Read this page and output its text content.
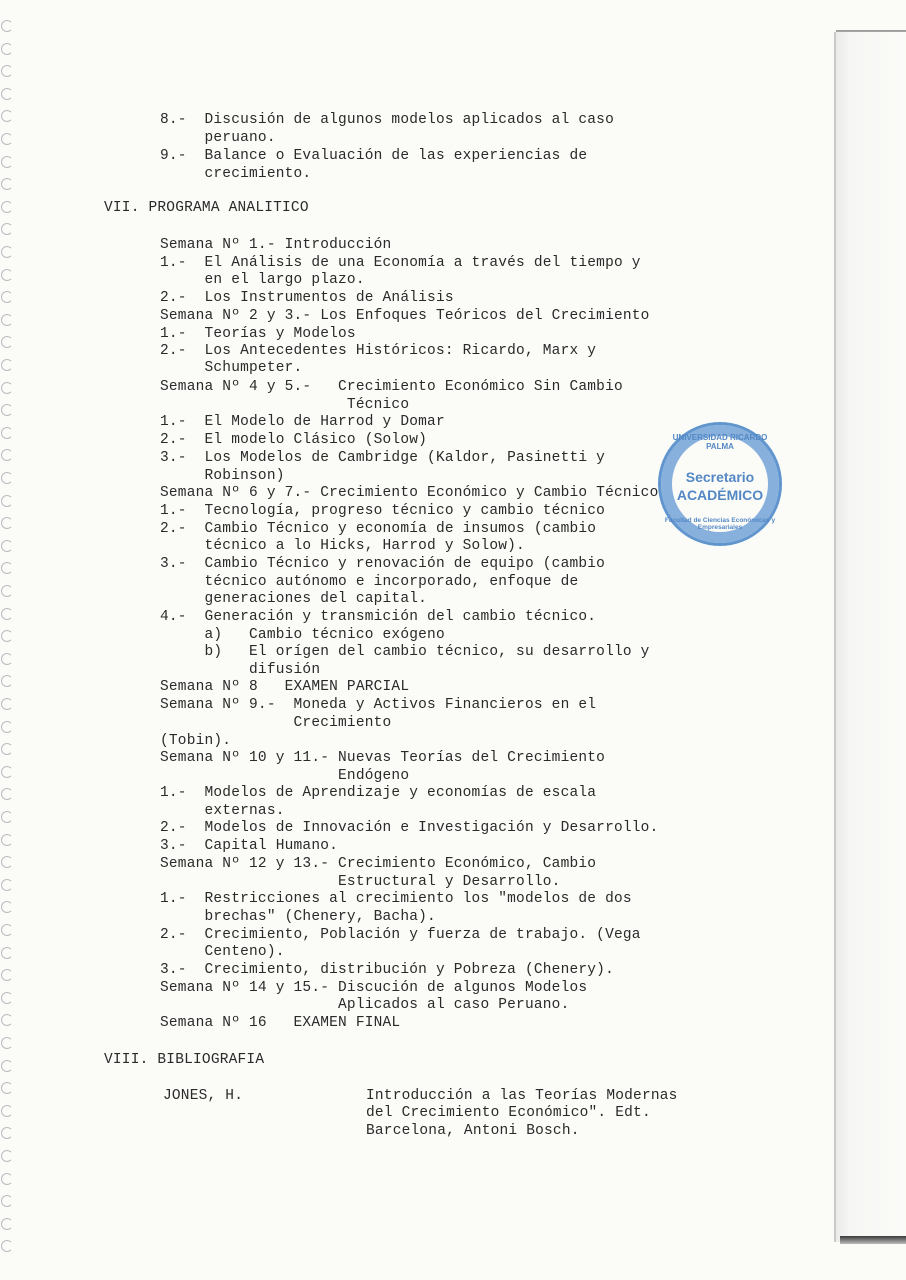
8.-  Discusión de algunos modelos aplicados al caso
peruano.
9.-  Balance o Evaluación de las experiencias de
crecimiento.
VII. PROGRAMA ANALITICO
Semana Nº 1.- Introducción
1.-  El Análisis de una Economía a través del tiempo y
en el largo plazo.
2.-  Los Instrumentos de Análisis
Semana Nº 2 y 3.- Los Enfoques Teóricos del Crecimiento
1.-  Teorías y Modelos
2.-  Los Antecedentes Históricos: Ricardo, Marx y
Schumpeter.
Semana Nº 4 y 5.-   Crecimiento Económico Sin Cambio
Técnico
1.-  El Modelo de Harrod y Domar
2.-  El modelo Clásico (Solow)
3.-  Los Modelos de Cambridge (Kaldor, Pasinetti y
Robinson)
Semana Nº 6 y 7.- Crecimiento Económico y Cambio Técnico
1.-  Tecnología, progreso técnico y cambio técnico
2.-  Cambio Técnico y economía de insumos (cambio
técnico a lo Hicks, Harrod y Solow).
3.-  Cambio Técnico y renovación de equipo (cambio
técnico autónomo e incorporado, enfoque de
generaciones del capital.
4.-  Generación y transmición del cambio técnico.
a)   Cambio técnico exógeno
b)   El orígen del cambio técnico, su desarrollo y
difusión
Semana Nº 8   EXAMEN PARCIAL
Semana Nº 9.-  Moneda y Activos Financieros en el
Crecimiento
(Tobin).
Semana Nº 10 y 11.- Nuevas Teorías del Crecimiento
Endógeno
1.-  Modelos de Aprendizaje y economías de escala
externas.
2.-  Modelos de Innovación e Investigación y Desarrollo.
3.-  Capital Humano.
Semana Nº 12 y 13.- Crecimiento Económico, Cambio
Estructural y Desarrollo.
1.-  Restricciones al crecimiento los "modelos de dos
brechas" (Chenery, Bacha).
2.-  Crecimiento, Población y fuerza de trabajo. (Vega
Centeno).
3.-  Crecimiento, distribución y Pobreza (Chenery).
Semana Nº 14 y 15.- Discución de algunos Modelos
Aplicados al caso Peruano.
Semana Nº 16   EXAMEN FINAL
VIII. BIBLIOGRAFIA
JONES, H.	Introducción a las Teorías Modernas
del Crecimiento Económico". Edt.
Barcelona, Antoni Bosch.
UNIVERSIDAD RICARDO PALMA
Secretario
ACADÉMICO
Facultad de Ciencias Económicas y Empresariales
